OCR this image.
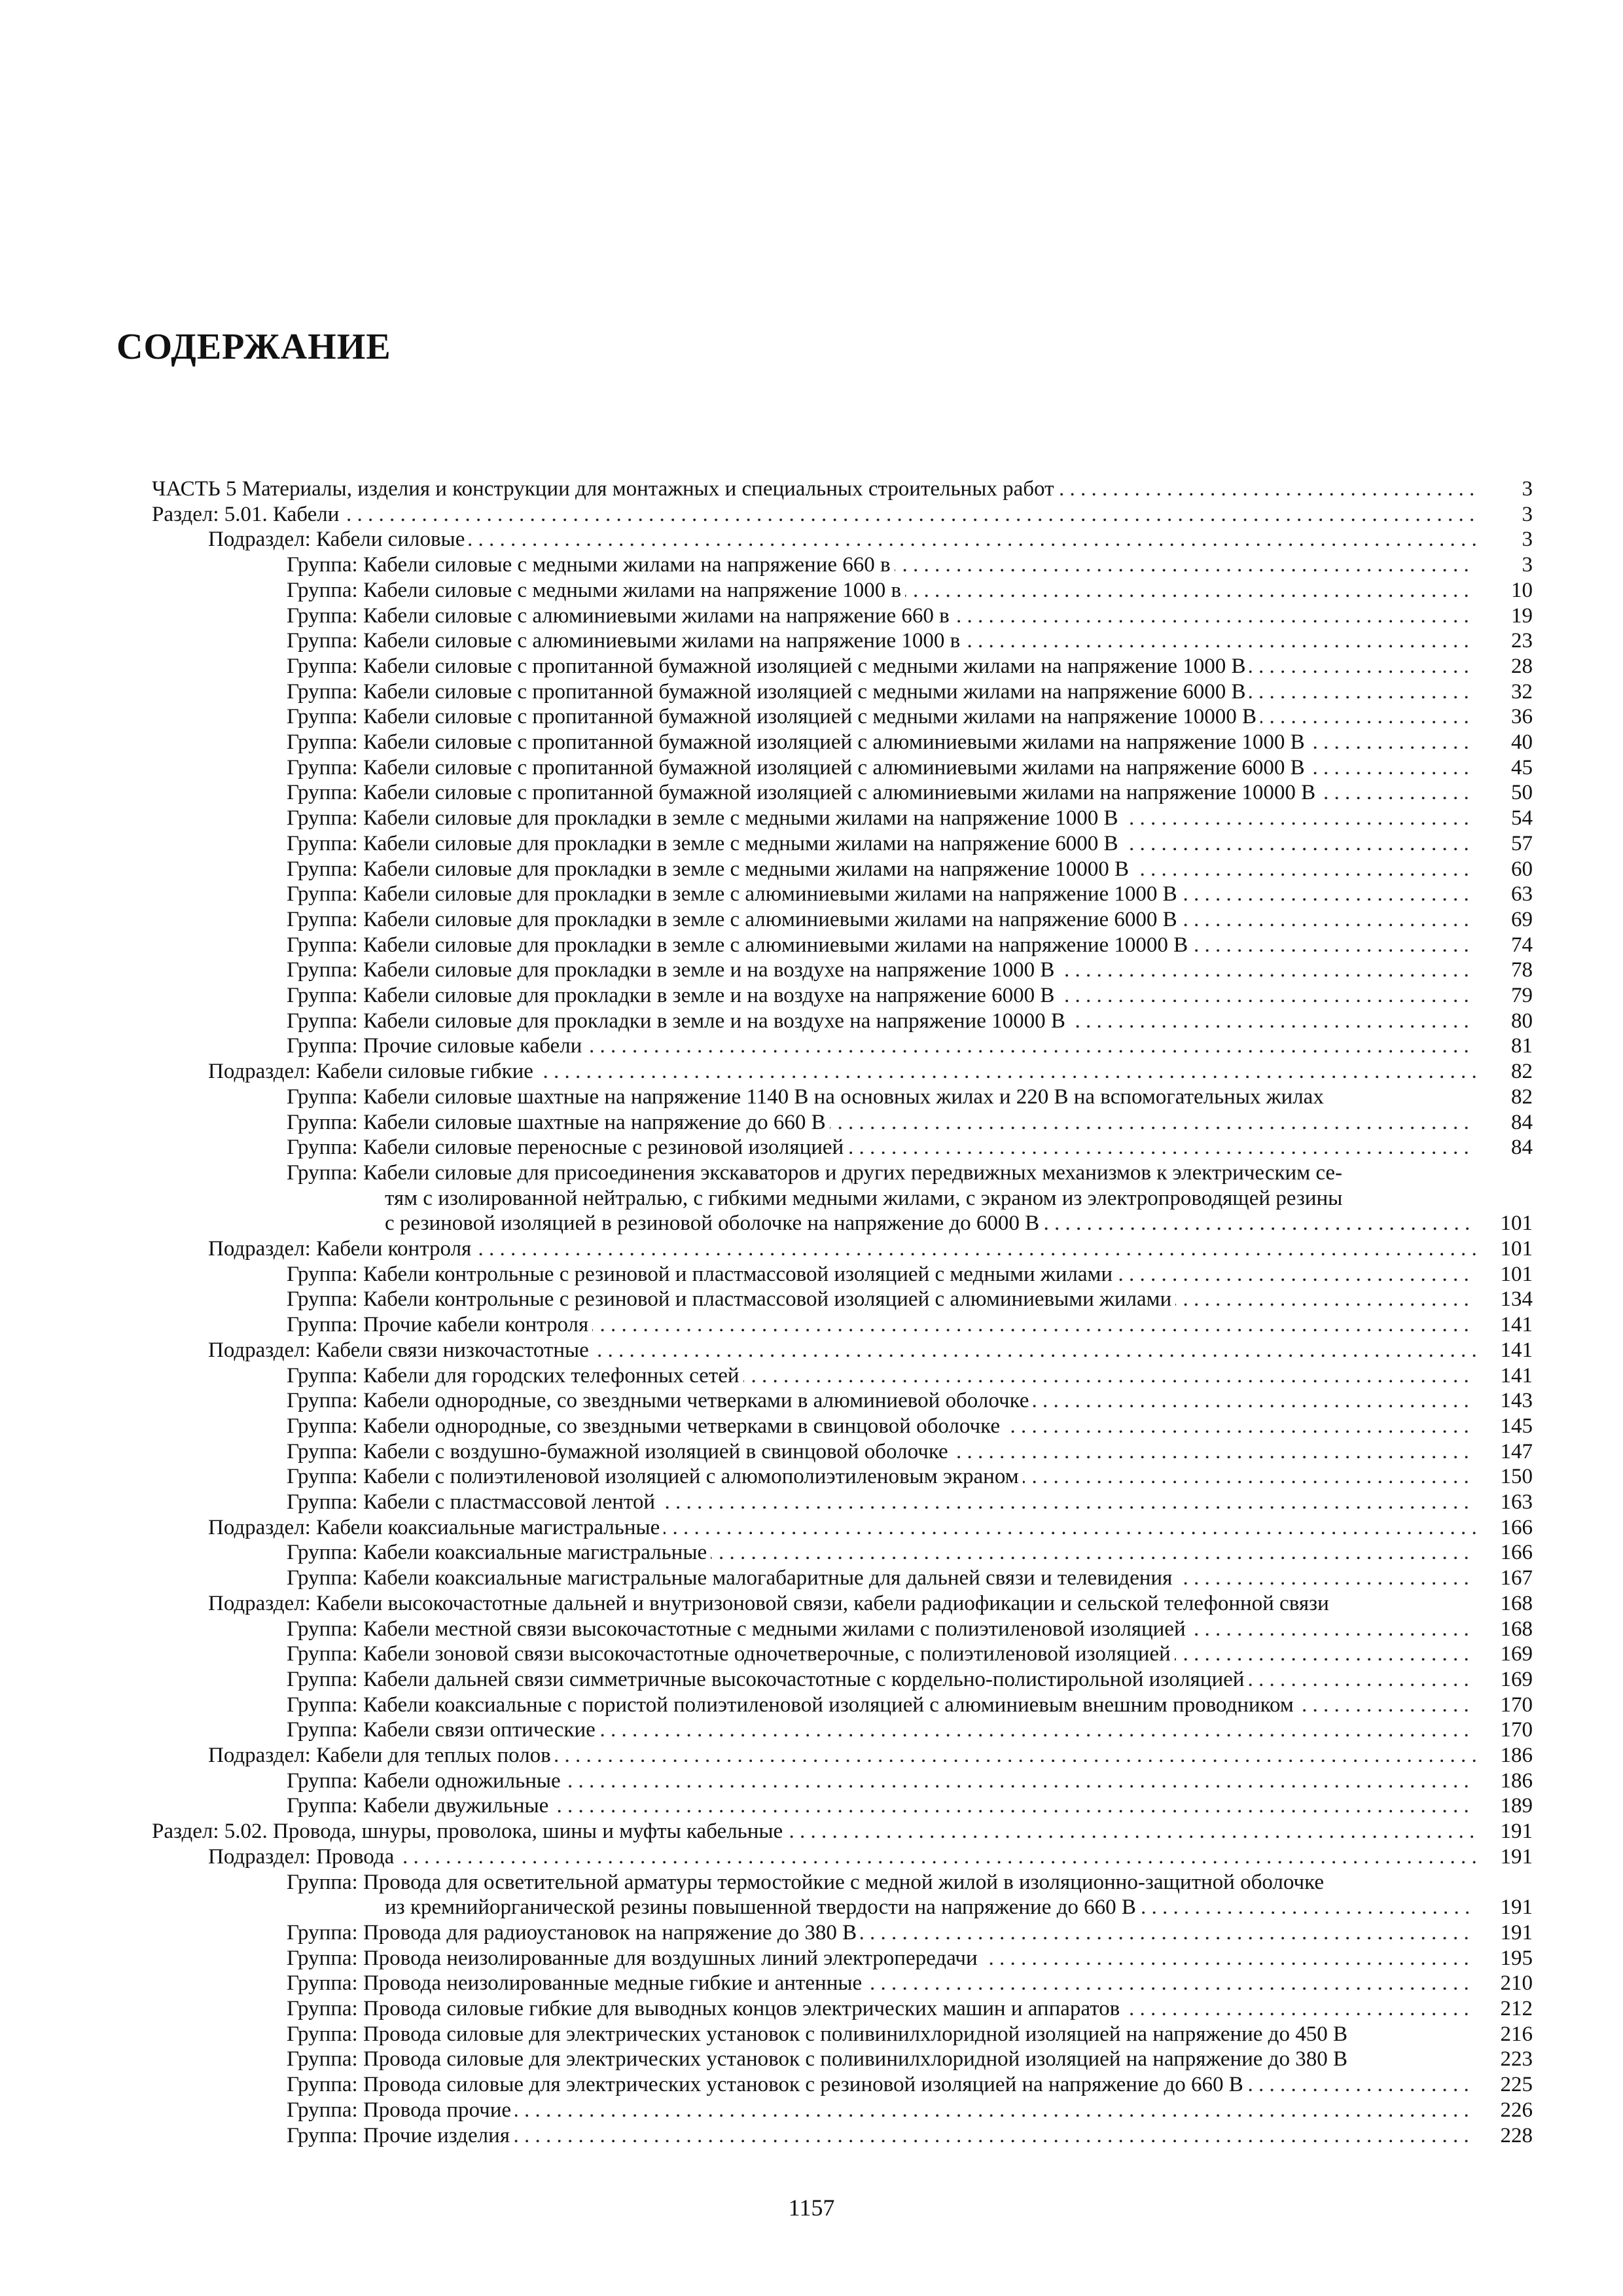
СОДЕРЖАНИЕ
. . .
ЧАСТЬ 5 Материалы, изделия и конструкции для монтажных и специальных строительных работ	3
. . .
Раздел: 5.01. Кабели	3
. . .
Подраздел: Кабели силовые	3
. . .
Группа: Кабели силовые с медными жилами на напряжение 660 в	3
. . .
Группа: Кабели силовые с медными жилами на напряжение 1000 в	10
. . .
Группа: Кабели силовые с алюминиевыми жилами на напряжение 660 в	19
. . .
Группа: Кабели силовые с алюминиевыми жилами на напряжение 1000 в	23
. . .
Группа: Кабели силовые с пропитанной бумажной изоляцией с медными жилами на напряжение 1000 В	28
. . .
Группа: Кабели силовые с пропитанной бумажной изоляцией с медными жилами на напряжение 6000 В	32
. . .
Группа: Кабели силовые с пропитанной бумажной изоляцией с медными жилами на напряжение 10000 В	36
. . .
Группа: Кабели силовые с пропитанной бумажной изоляцией с алюминиевыми жилами на напряжение 1000 В	40
. . .
Группа: Кабели силовые с пропитанной бумажной изоляцией с алюминиевыми жилами на напряжение 6000 В	45
. . .
Группа: Кабели силовые с пропитанной бумажной изоляцией с алюминиевыми жилами на напряжение 10000 В	50
. . .
Группа: Кабели силовые для прокладки в земле с медными жилами на напряжение 1000 В	54
. . .
Группа: Кабели силовые для прокладки в земле с медными жилами на напряжение 6000 В	57
. . .
Группа: Кабели силовые для прокладки в земле с медными жилами на напряжение 10000 В	60
. . .
Группа: Кабели силовые для прокладки в земле с алюминиевыми жилами на напряжение 1000 В	63
. . .
Группа: Кабели силовые для прокладки в земле с алюминиевыми жилами на напряжение 6000 В	69
. . .
Группа: Кабели силовые для прокладки в земле с алюминиевыми жилами на напряжение 10000 В	74
. . .
Группа: Кабели силовые для прокладки в земле и на воздухе на напряжение 1000 В	78
. . .
Группа: Кабели силовые для прокладки в земле и на воздухе на напряжение 6000 В	79
. . .
Группа: Кабели силовые для прокладки в земле и на воздухе на напряжение 10000 В	80
. . .
Группа: Прочие силовые кабели	81
. . .
Подраздел: Кабели силовые гибкие	82
Группа: Кабели силовые шахтные на напряжение 1140 В на основных жилах и 220 В на вспомогательных жилах	82
. . .
Группа: Кабели силовые шахтные на напряжение до 660 В	84
. . .
Группа: Кабели силовые переносные с резиновой изоляцией	84
Группа: Кабели силовые для присоединения экскаваторов и других передвижных механизмов к электрическим се-
тям с изолированной нейтралью, с гибкими медными жилами, с экраном из электропроводящей резины
. . .
с резиновой изоляцией в резиновой оболочке на напряжение до 6000 В	101
. . .
Подраздел: Кабели контроля	101
. . .
Группа: Кабели контрольные с резиновой и пластмассовой изоляцией с медными жилами	101
. . .
Группа: Кабели контрольные с резиновой и пластмассовой изоляцией с алюминиевыми жилами	134
. . .
Группа: Прочие кабели контроля	141
. . .
Подраздел: Кабели связи низкочастотные	141
. . .
Группа: Кабели для городских телефонных сетей	141
. . .
Группа: Кабели однородные, со звездными четверками в алюминиевой оболочке	143
. . .
Группа: Кабели однородные, со звездными четверками в свинцовой оболочке	145
. . .
Группа: Кабели с воздушно-бумажной изоляцией в свинцовой оболочке	147
. . .
Группа: Кабели с полиэтиленовой изоляцией с алюмополиэтиленовым экраном	150
. . .
Группа: Кабели с пластмассовой лентой	163
. . .
Подраздел: Кабели коаксиальные магистральные	166
. . .
Группа: Кабели коаксиальные магистральные	166
. . .
Группа: Кабели коаксиальные магистральные малогабаритные для дальней связи и телевидения	167
Подраздел: Кабели высокочастотные дальней и внутризоновой связи, кабели радиофикации и сельской телефонной связи	168
. . .
Группа: Кабели местной связи высокочастотные с медными жилами с полиэтиленовой изоляцией	168
. . .
Группа: Кабели зоновой связи высокочастотные одночетверочные, с полиэтиленовой изоляцией	169
. . .
Группа: Кабели дальней связи симметричные высокочастотные с кордельно-полистирольной изоляцией	169
. . .
Группа: Кабели коаксиальные с пористой полиэтиленовой изоляцией с алюминиевым внешним проводником	170
. . .
Группа: Кабели связи оптические	170
. . .
Подраздел: Кабели для теплых полов	186
. . .
Группа: Кабели одножильные	186
. . .
Группа: Кабели двужильные	189
. . .
Раздел: 5.02. Провода, шнуры, проволока, шины и муфты кабельные	191
. . .
Подраздел: Провода	191
Группа: Провода для осветительной арматуры термостойкие с медной жилой в изоляционно-защитной оболочке
. . .
из кремнийорганической резины повышенной твердости на напряжение до 660 В	191
. . .
Группа: Провода для радиоустановок на напряжение до 380 В	191
. . .
Группа: Провода неизолированные для воздушных линий электропередачи	195
. . .
Группа: Провода неизолированные медные гибкие и антенные	210
. . .
Группа: Провода силовые гибкие для выводных концов электрических машин и аппаратов	212
Группа: Провода силовые для электрических установок с поливинилхлоридной изоляцией на напряжение до 450 В	216
Группа: Провода силовые для электрических установок с поливинилхлоридной изоляцией на напряжение до 380 В	223
. . .
Группа: Провода силовые для электрических установок с резиновой изоляцией на напряжение до 660 В	225
. . .
Группа: Провода прочие	226
. . .
Группа: Прочие изделия	228
1157
